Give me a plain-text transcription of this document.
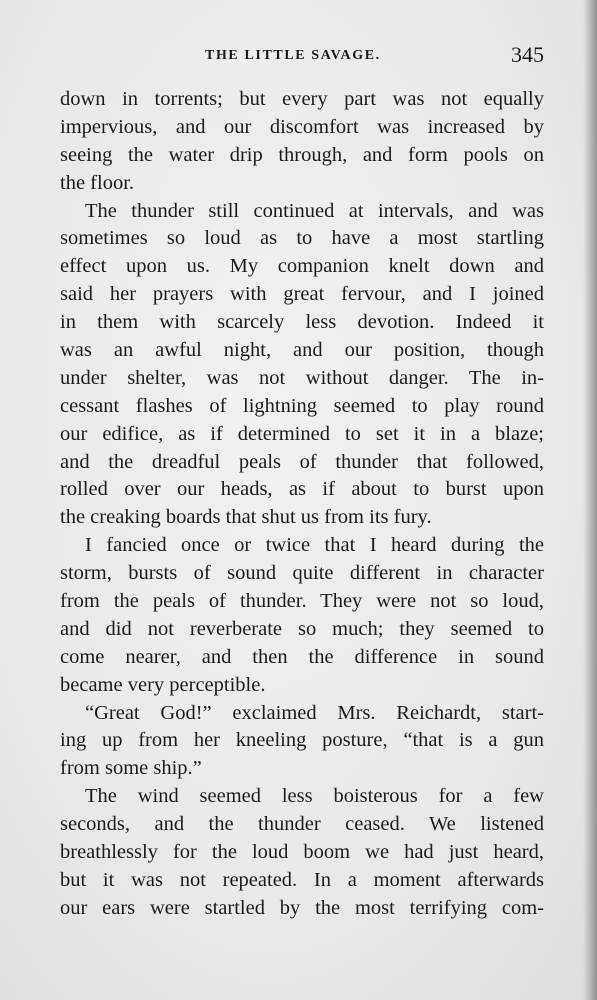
THE LITTLE SAVAGE.	345
down in torrents; but every part was not equally
impervious, and our discomfort was increased by
seeing the water drip through, and form pools on
the floor.
The thunder still continued at intervals, and was
sometimes so loud as to have a most startling
effect upon us. My companion knelt down and
said her prayers with great fervour, and I joined
in them with scarcely less devotion. Indeed it
was an awful night, and our position, though
under shelter, was not without danger. The in-
cessant flashes of lightning seemed to play round
our edifice, as if determined to set it in a blaze;
and the dreadful peals of thunder that followed,
rolled over our heads, as if about to burst upon
the creaking boards that shut us from its fury.
I fancied once or twice that I heard during the
storm, bursts of sound quite different in character
from the peals of thunder. They were not so loud,
and did not reverberate so much; they seemed to
come nearer, and then the difference in sound
became very perceptible.
“Great God!” exclaimed Mrs. Reichardt, start-
ing up from her kneeling posture, “that is a gun
from some ship.”
The wind seemed less boisterous for a few
seconds, and the thunder ceased. We listened
breathlessly for the loud boom we had just heard,
but it was not repeated. In a moment afterwards
our ears were startled by the most terrifying com-
